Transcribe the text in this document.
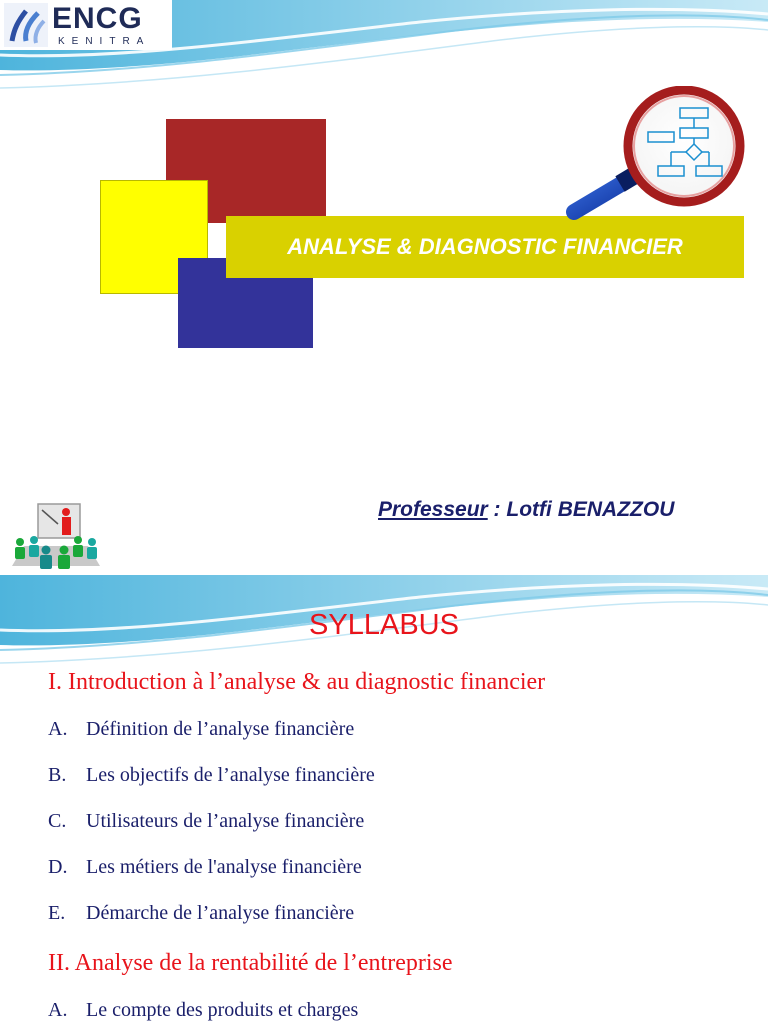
ENCG
KENITRA
ANALYSE & DIAGNOSTIC FINANCIER
Professeur : Lotfi BENAZZOU
SYLLABUS
I. Introduction à l’analyse & au diagnostic financier
A. Définition de l’analyse financière
B. Les objectifs de l’analyse financière
C. Utilisateurs de l’analyse financière
D. Les métiers de l'analyse financière
E. Démarche de l’analyse financière
II. Analyse de la rentabilité de l’entreprise
A. Le compte des produits et charges
